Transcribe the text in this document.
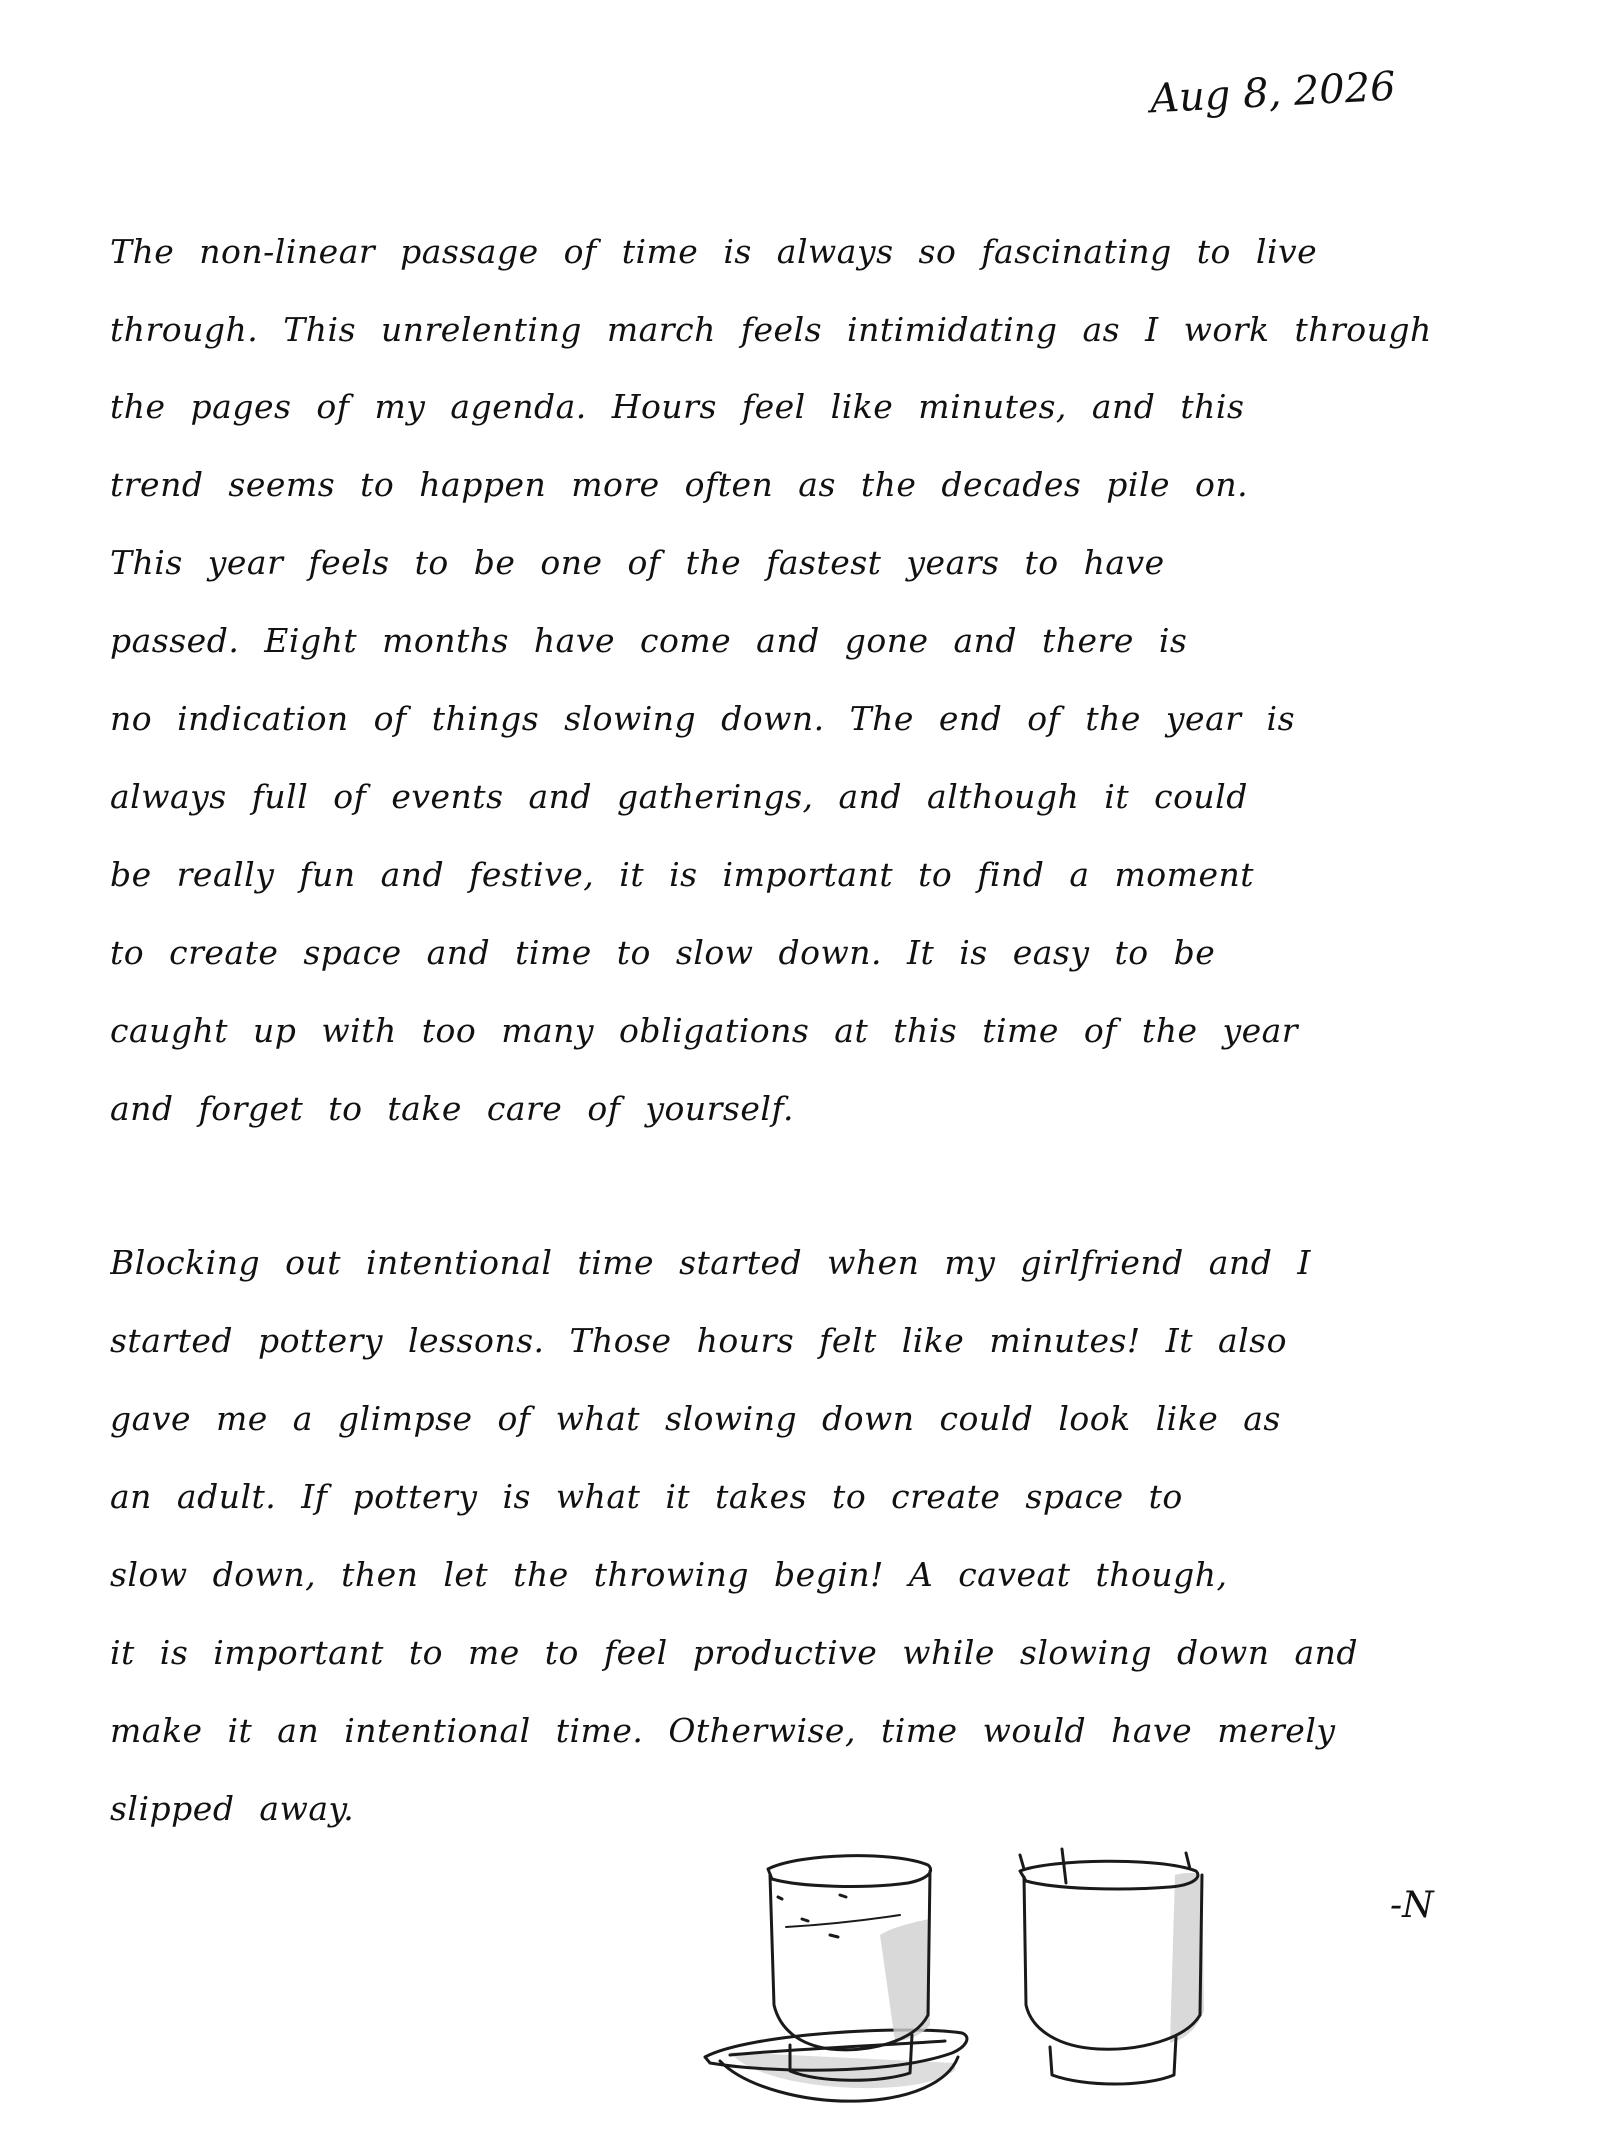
Aug 8, 2026
The non-linear passage of time is always so fascinating to live
through. This unrelenting march feels intimidating as I work through
the pages of my agenda. Hours feel like minutes, and this
trend seems to happen more often as the decades pile on.
This year feels to be one of the fastest years to have
passed. Eight months have come and gone and there is
no indication of things slowing down. The end of the year is
always full of events and gatherings, and although it could
be really fun and festive, it is important to find a moment
to create space and time to slow down. It is easy to be
caught up with too many obligations at this time of the year
and forget to take care of yourself.
Blocking out intentional time started when my girlfriend and I
started pottery lessons. Those hours felt like minutes! It also
gave me a glimpse of what slowing down could look like as
an adult. If pottery is what it takes to create space to
slow down, then let the throwing begin! A caveat though,
it is important to me to feel productive while slowing down and
make it an intentional time. Otherwise, time would have merely
slipped away.
-N
